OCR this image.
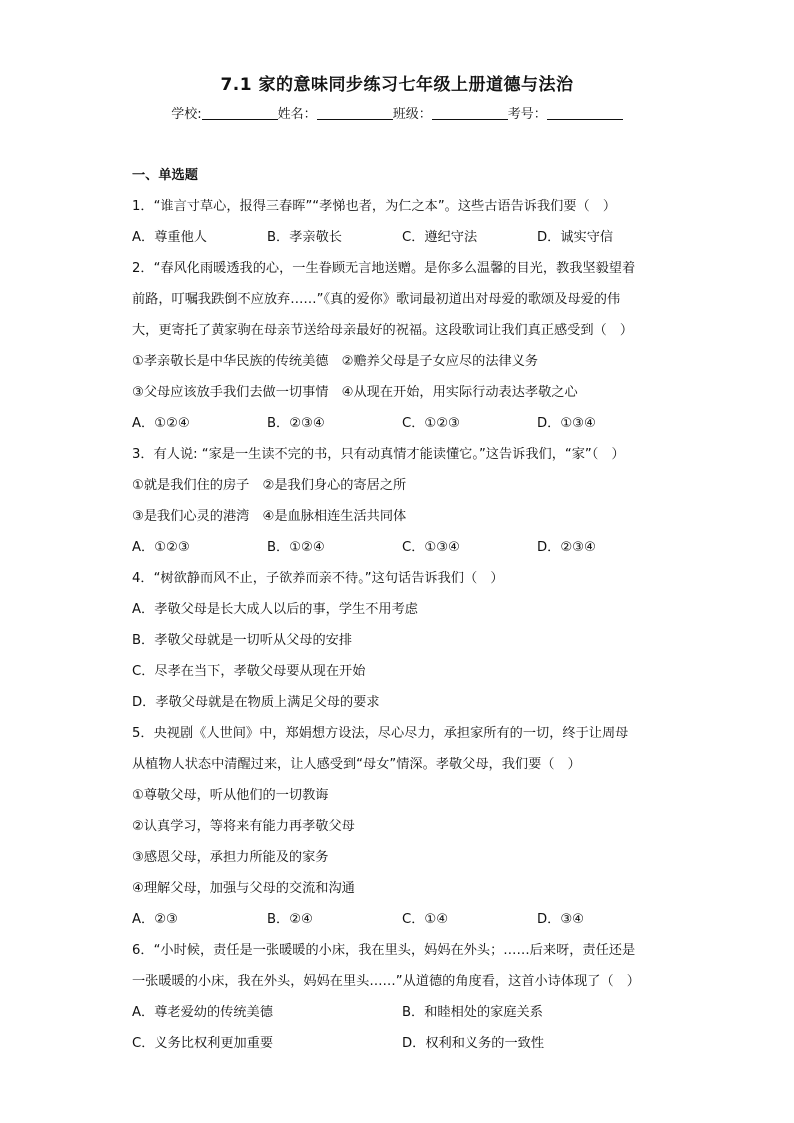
7.1 家的意味同步练习七年级上册道德与法治
学校:	姓名：	班级：	考号：
一、单选题
1．“谁言寸草心，报得三春晖”“孝悌也者，为仁之本”。这些古语告诉我们要（　）
A．尊重他人	B．孝亲敬长	C．遵纪守法	D．诚实守信
2．“春风化雨暖透我的心，一生眷顾无言地送赠。是你多么温馨的目光，教我坚毅望着
前路，叮嘱我跌倒不应放弃……”《真的爱你》歌词最初道出对母爱的歌颂及母爱的伟
大，更寄托了黄家驹在母亲节送给母亲最好的祝福。这段歌词让我们真正感受到（　）
①孝亲敬长是中华民族的传统美德　②赡养父母是子女应尽的法律义务
③父母应该放手我们去做一切事情　④从现在开始，用实际行动表达孝敬之心
A．①②④	B．②③④	C．①②③	D．①③④
3．有人说: “家是一生读不完的书，只有动真情才能读懂它。”这告诉我们，“家”（　）
①就是我们住的房子　②是我们身心的寄居之所
③是我们心灵的港湾　④是血脉相连生活共同体
A．①②③	B．①②④	C．①③④	D．②③④
4．“树欲静而风不止，子欲养而亲不待。”这句话告诉我们（　）
A．孝敬父母是长大成人以后的事，学生不用考虑
B．孝敬父母就是一切听从父母的安排
C．尽孝在当下，孝敬父母要从现在开始
D．孝敬父母就是在物质上满足父母的要求
5．央视剧《人世间》中，郑娟想方设法，尽心尽力，承担家所有的一切，终于让周母
从植物人状态中清醒过来，让人感受到“母女”情深。孝敬父母，我们要（　）
①尊敬父母，听从他们的一切教诲
②认真学习，等将来有能力再孝敬父母
③感恩父母，承担力所能及的家务
④理解父母，加强与父母的交流和沟通
A．②③	B．②④	C．①④	D．③④
6．“小时候，责任是一张暖暖的小床，我在里头，妈妈在外头；……后来呀，责任还是
一张暖暖的小床，我在外头，妈妈在里头……”从道德的角度看，这首小诗体现了（　）
A．尊老爱幼的传统美德	B．和睦相处的家庭关系
C．义务比权利更加重要	D．权利和义务的一致性
